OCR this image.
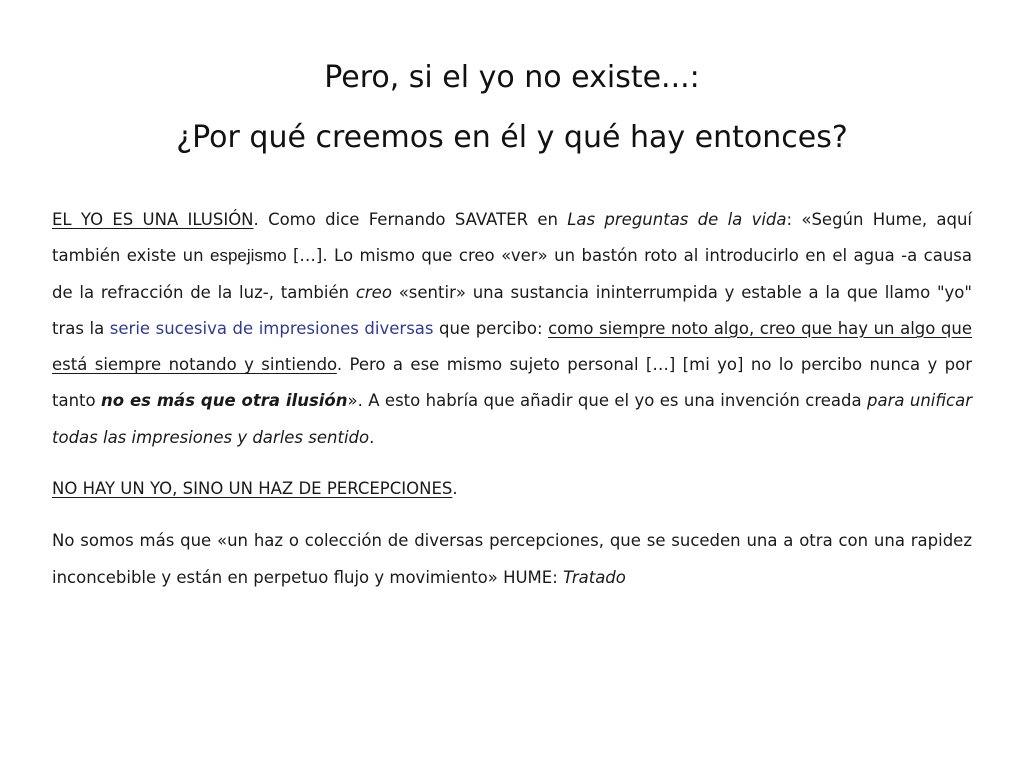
Pero, si el yo no existe...:
¿Por qué creemos en él y qué hay entonces?

EL YO ES UNA ILUSIÓN. Como dice Fernando SAVATER en Las preguntas de la vida: «Según Hume, aquí también existe un espejismo […]. Lo mismo que creo «ver» un bastón roto al introducirlo en el agua -a causa de la refracción de la luz-, también creo «sentir» una sustancia ininterrumpida y estable a la que llamo "yo" tras la serie sucesiva de impresiones diversas que percibo: como siempre noto algo, creo que hay un algo que está siempre notando y sintiendo. Pero a ese mismo sujeto personal […] [mi yo] no lo percibo nunca y por tanto no es más que otra ilusión». A esto habría que añadir que el yo es una invención creada para unificar todas las impresiones y darles sentido.

NO HAY UN YO, SINO UN HAZ DE PERCEPCIONES.

No somos más que «un haz o colección de diversas percepciones, que se suceden una a otra con una rapidez inconcebible y están en perpetuo flujo y movimiento» HUME: Tratado
